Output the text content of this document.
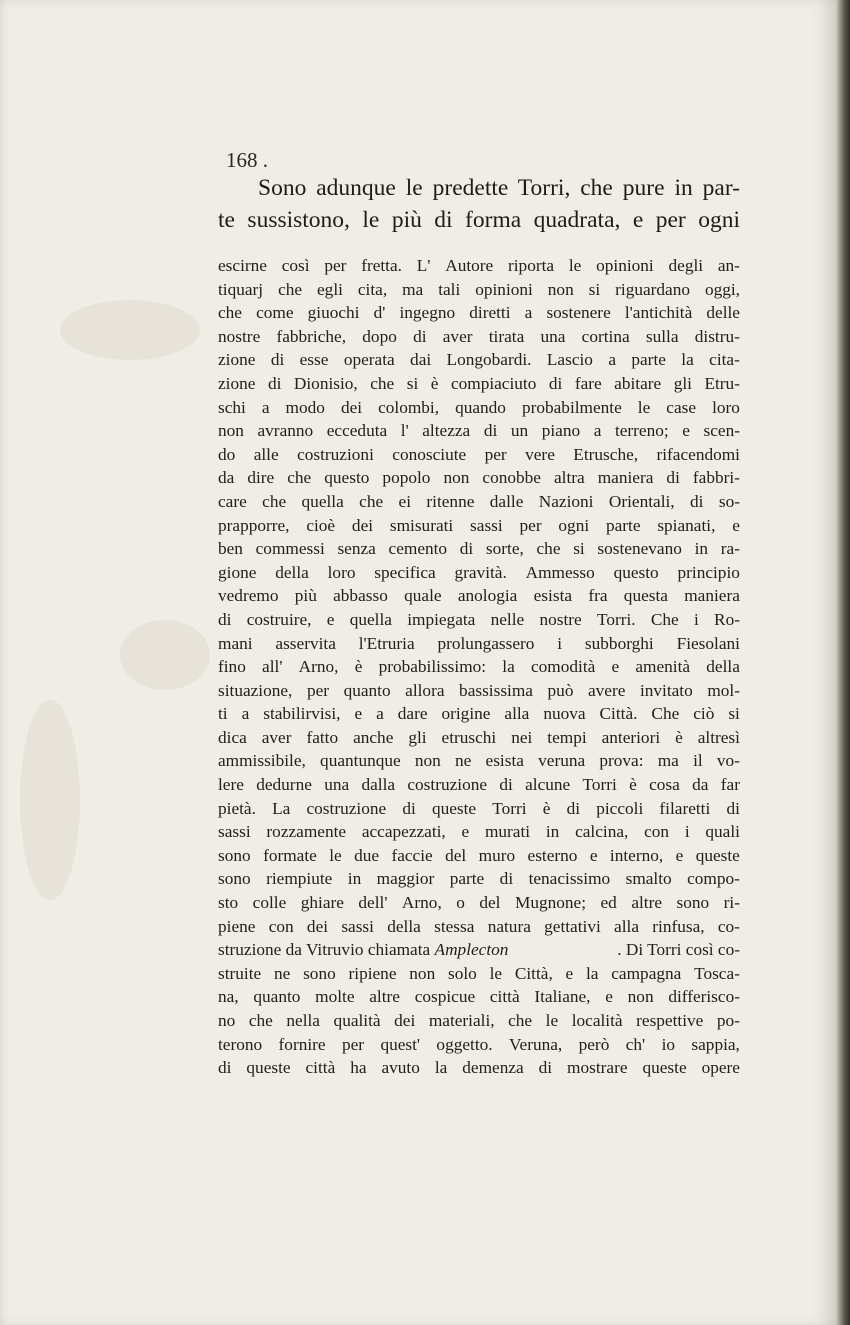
168 .
Sono adunque le predette Torri, che pure in par-
te sussistono, le più di forma quadrata, e per ogni
escirne così per fretta. L' Autore riporta le opinioni degli an-
tiquarj che egli cita, ma tali opinioni non si riguardano oggi,
che come giuochi d' ingegno diretti a sostenere l'antichità delle
nostre fabbriche, dopo di aver tirata una cortina sulla distru-
zione di esse operata dai Longobardi. Lascio a parte la cita-
zione di Dionisio, che si è compiaciuto di fare abitare gli Etru-
schi a modo dei colombi, quando probabilmente le case loro
non avranno ecceduta l' altezza di un piano a terreno; e scen-
do alle costruzioni conosciute per vere Etrusche, rifacendomi
da dire che questo popolo non conobbe altra maniera di fabbri-
care che quella che ei ritenne dalle Nazioni Orientali, di so-
prapporre, cioè dei smisurati sassi per ogni parte spianati, e
ben commessi senza cemento di sorte, che si sostenevano in ra-
gione della loro specifica gravità. Ammesso questo principio
vedremo più abbasso quale anologia esista fra questa maniera
di costruire, e quella impiegata nelle nostre Torri. Che i Ro-
mani asservita l'Etruria prolungassero i subborghi Fiesolani
fino all' Arno, è probabilissimo: la comodità e amenità della
situazione, per quanto allora bassissima può avere invitato mol-
ti a stabilirvisi, e a dare origine alla nuova Città. Che ciò si
dica aver fatto anche gli etruschi nei tempi anteriori è altresì
ammissibile, quantunque non ne esista veruna prova: ma il vo-
lere dedurne una dalla costruzione di alcune Torri è cosa da far
pietà. La costruzione di queste Torri è di piccoli filaretti di
sassi rozzamente accapezzati, e murati in calcina, con i quali
sono formate le due faccie del muro esterno e interno, e queste
sono riempiute in maggior parte di tenacissimo smalto compo-
sto colle ghiare dell' Arno, o del Mugnone; ed altre sono ri-
piene con dei sassi della stessa natura gettativi alla rinfusa, co-
struzione da Vitruvio chiamata Amplecton	. Di Torri così co-
struite ne sono ripiene non solo le Città, e la campagna Tosca-
na, quanto molte altre cospicue città Italiane, e non differisco-
no che nella qualità dei materiali, che le località respettive po-
terono fornire per quest' oggetto. Veruna, però ch' io sappia,
di queste città ha avuto la demenza di mostrare queste opere
